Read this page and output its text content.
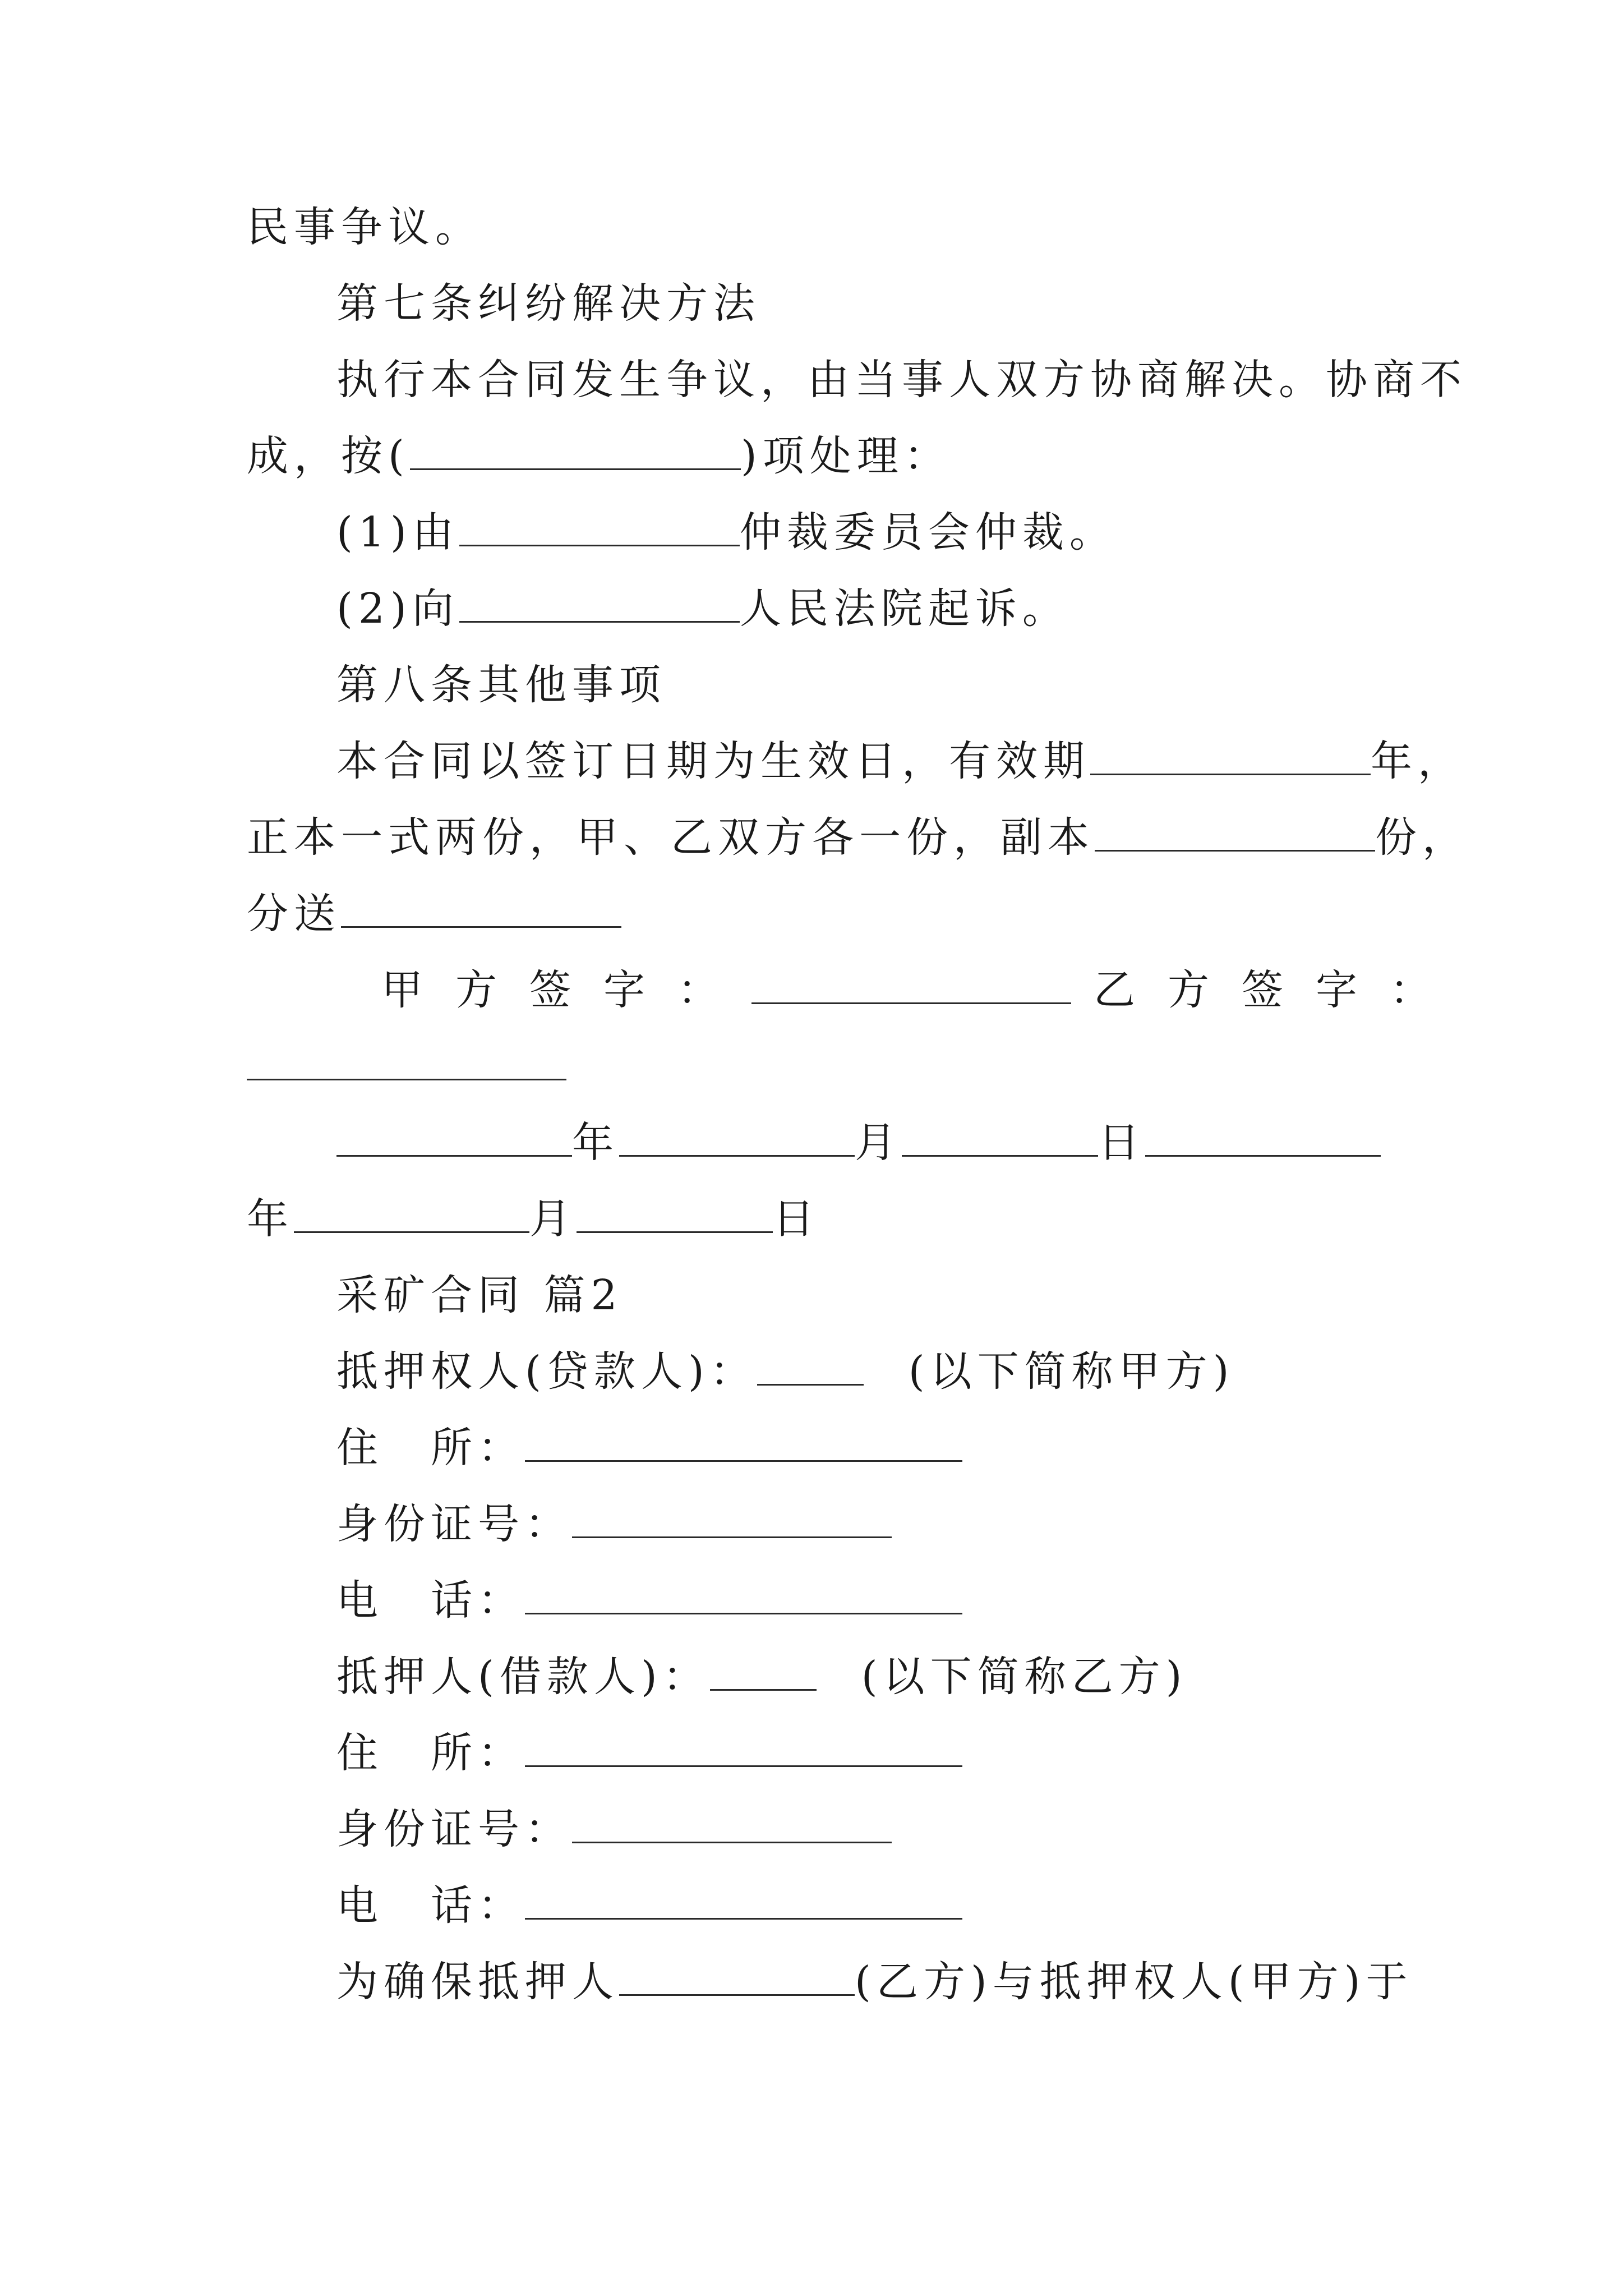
民事争议。
第七条纠纷解决方法
执行本合同发生争议，由当事人双方协商解决。协商不
成，按(	)项处理：
(1)由	仲裁委员会仲裁。
(2)向	人民法院起诉。
第八条其他事项
本合同以签订日期为生效日，有效期	年，
正本一式两份，甲、乙双方各一份，副本	份，
分送
甲方签字：	乙方签字：
年	月	日
年	月	日
采矿合同 篇2
抵押权人(贷款人)：	(以下简称甲方)
住　所：
身份证号：
电　话：
抵押人(借款人)：	(以下简称乙方)
住　所：
身份证号：
电　话：
为确保抵押人	(乙方)与抵押权人(甲方)于
